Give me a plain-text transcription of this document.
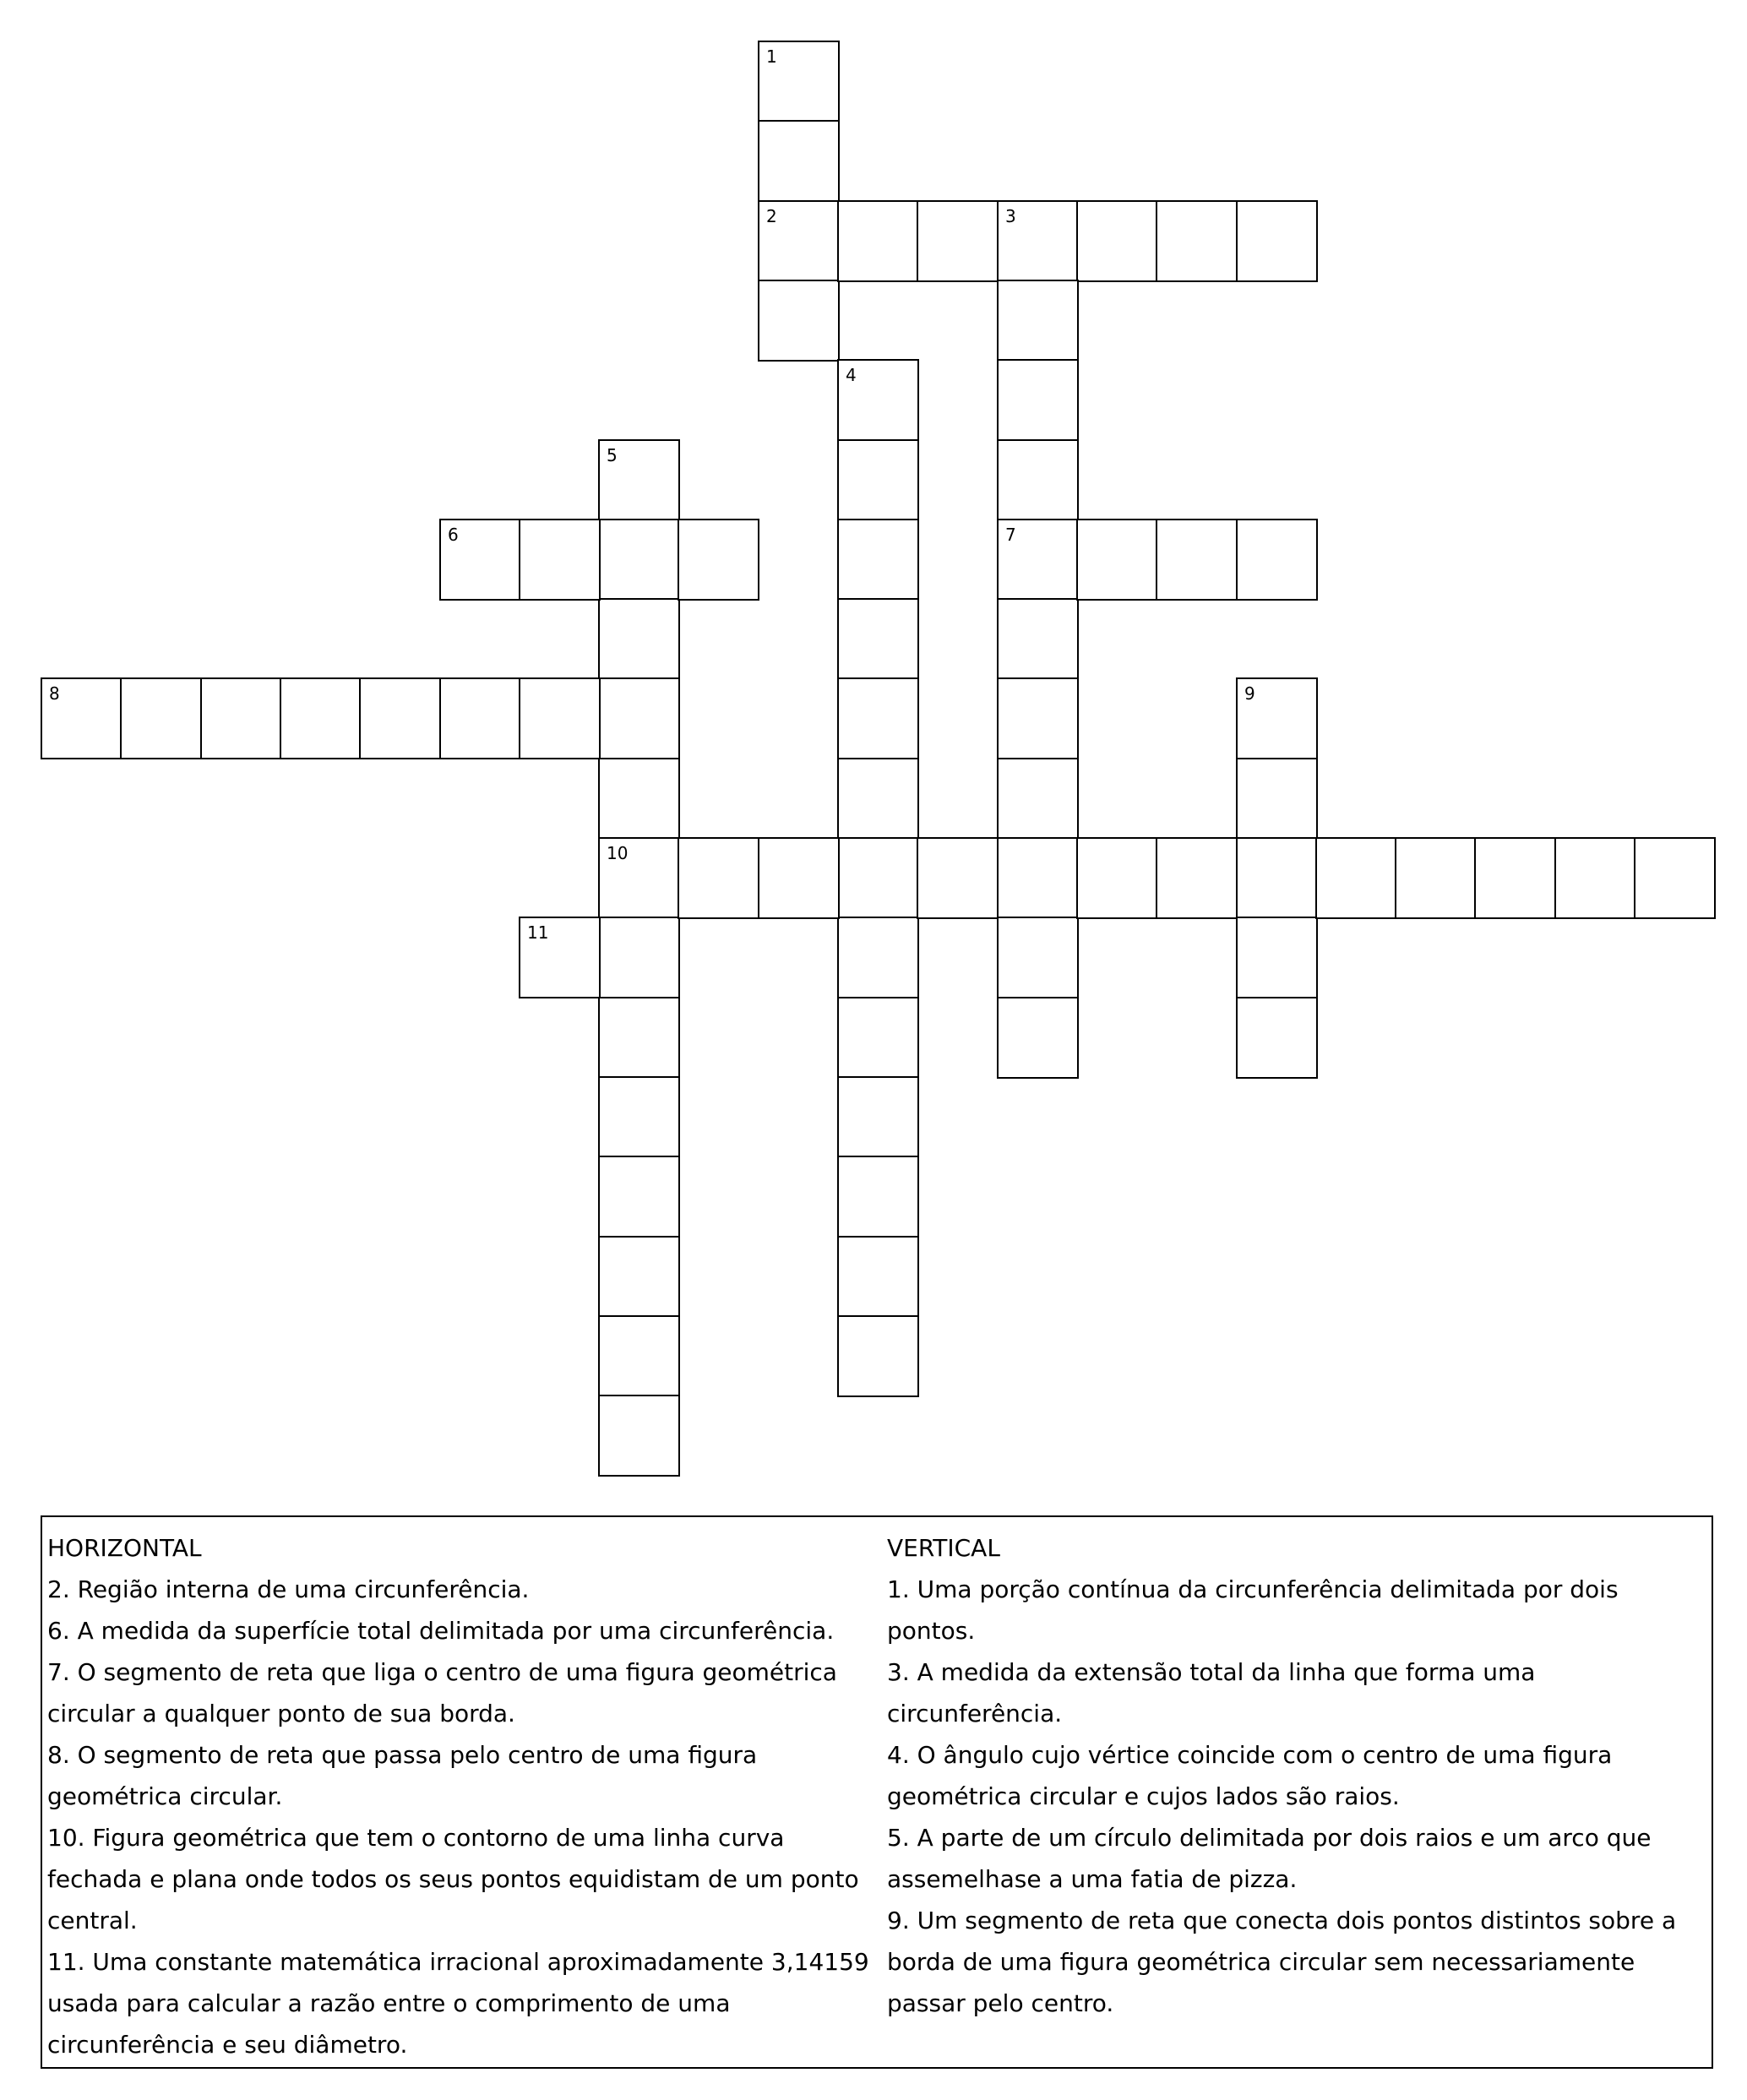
1
2	3
7
4
5
10
6
8	9
11
HORIZONTAL
2. Região interna de uma circunferência.
6. A medida da superfície total delimitada por uma circunferência.
7. O segmento de reta que liga o centro de uma figura geométrica circular a qualquer ponto de sua borda.
8. O segmento de reta que passa pelo centro de uma figura geométrica circular.
10. Figura geométrica que tem o contorno de uma linha curva fechada e plana onde todos os seus pontos equidistam de um ponto central.
11. Uma constante matemática irracional aproximadamente 3,14159 usada para calcular a razão entre o comprimento de uma circunferência e seu diâmetro.
VERTICAL
1. Uma porção contínua da circunferência delimitada por dois pontos.
3. A medida da extensão total da linha que forma uma circunferência.
4. O ângulo cujo vértice coincide com o centro de uma figura geométrica circular e cujos lados são raios.
5. A parte de um círculo delimitada por dois raios e um arco que assemelhase a uma fatia de pizza.
9. Um segmento de reta que conecta dois pontos distintos sobre a borda de uma figura geométrica circular sem necessariamente passar pelo centro.
